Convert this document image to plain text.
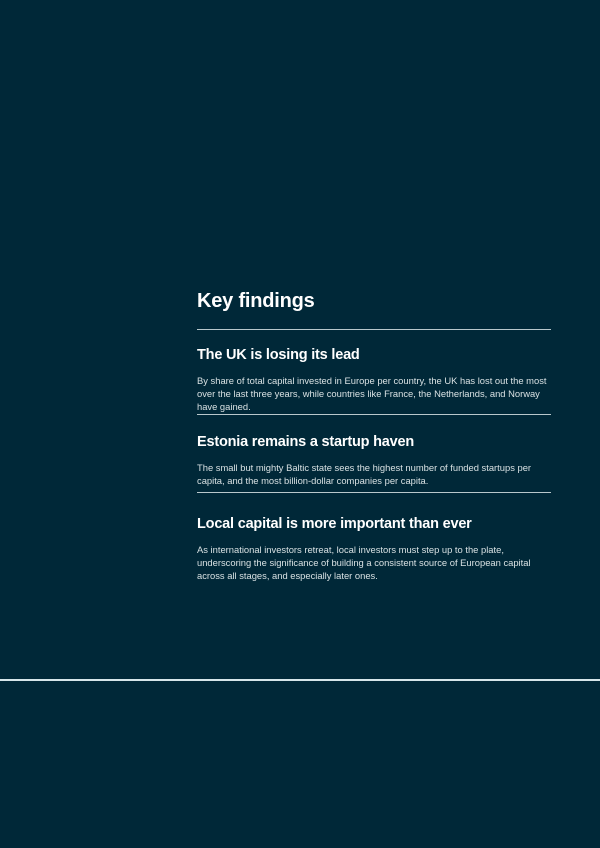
Key findings
The UK is losing its lead

By share of total capital invested in Europe per country, the UK has lost out the most over the last three years, while countries like France, the Netherlands, and Norway have gained.

Estonia remains a startup haven

The small but mighty Baltic state sees the highest number of funded startups per capita, and the most billion-dollar companies per capita.

Local capital is more important than ever

As international investors retreat, local investors must step up to the plate, underscoring the significance of building a consistent source of European capital across all stages, and especially later ones.
